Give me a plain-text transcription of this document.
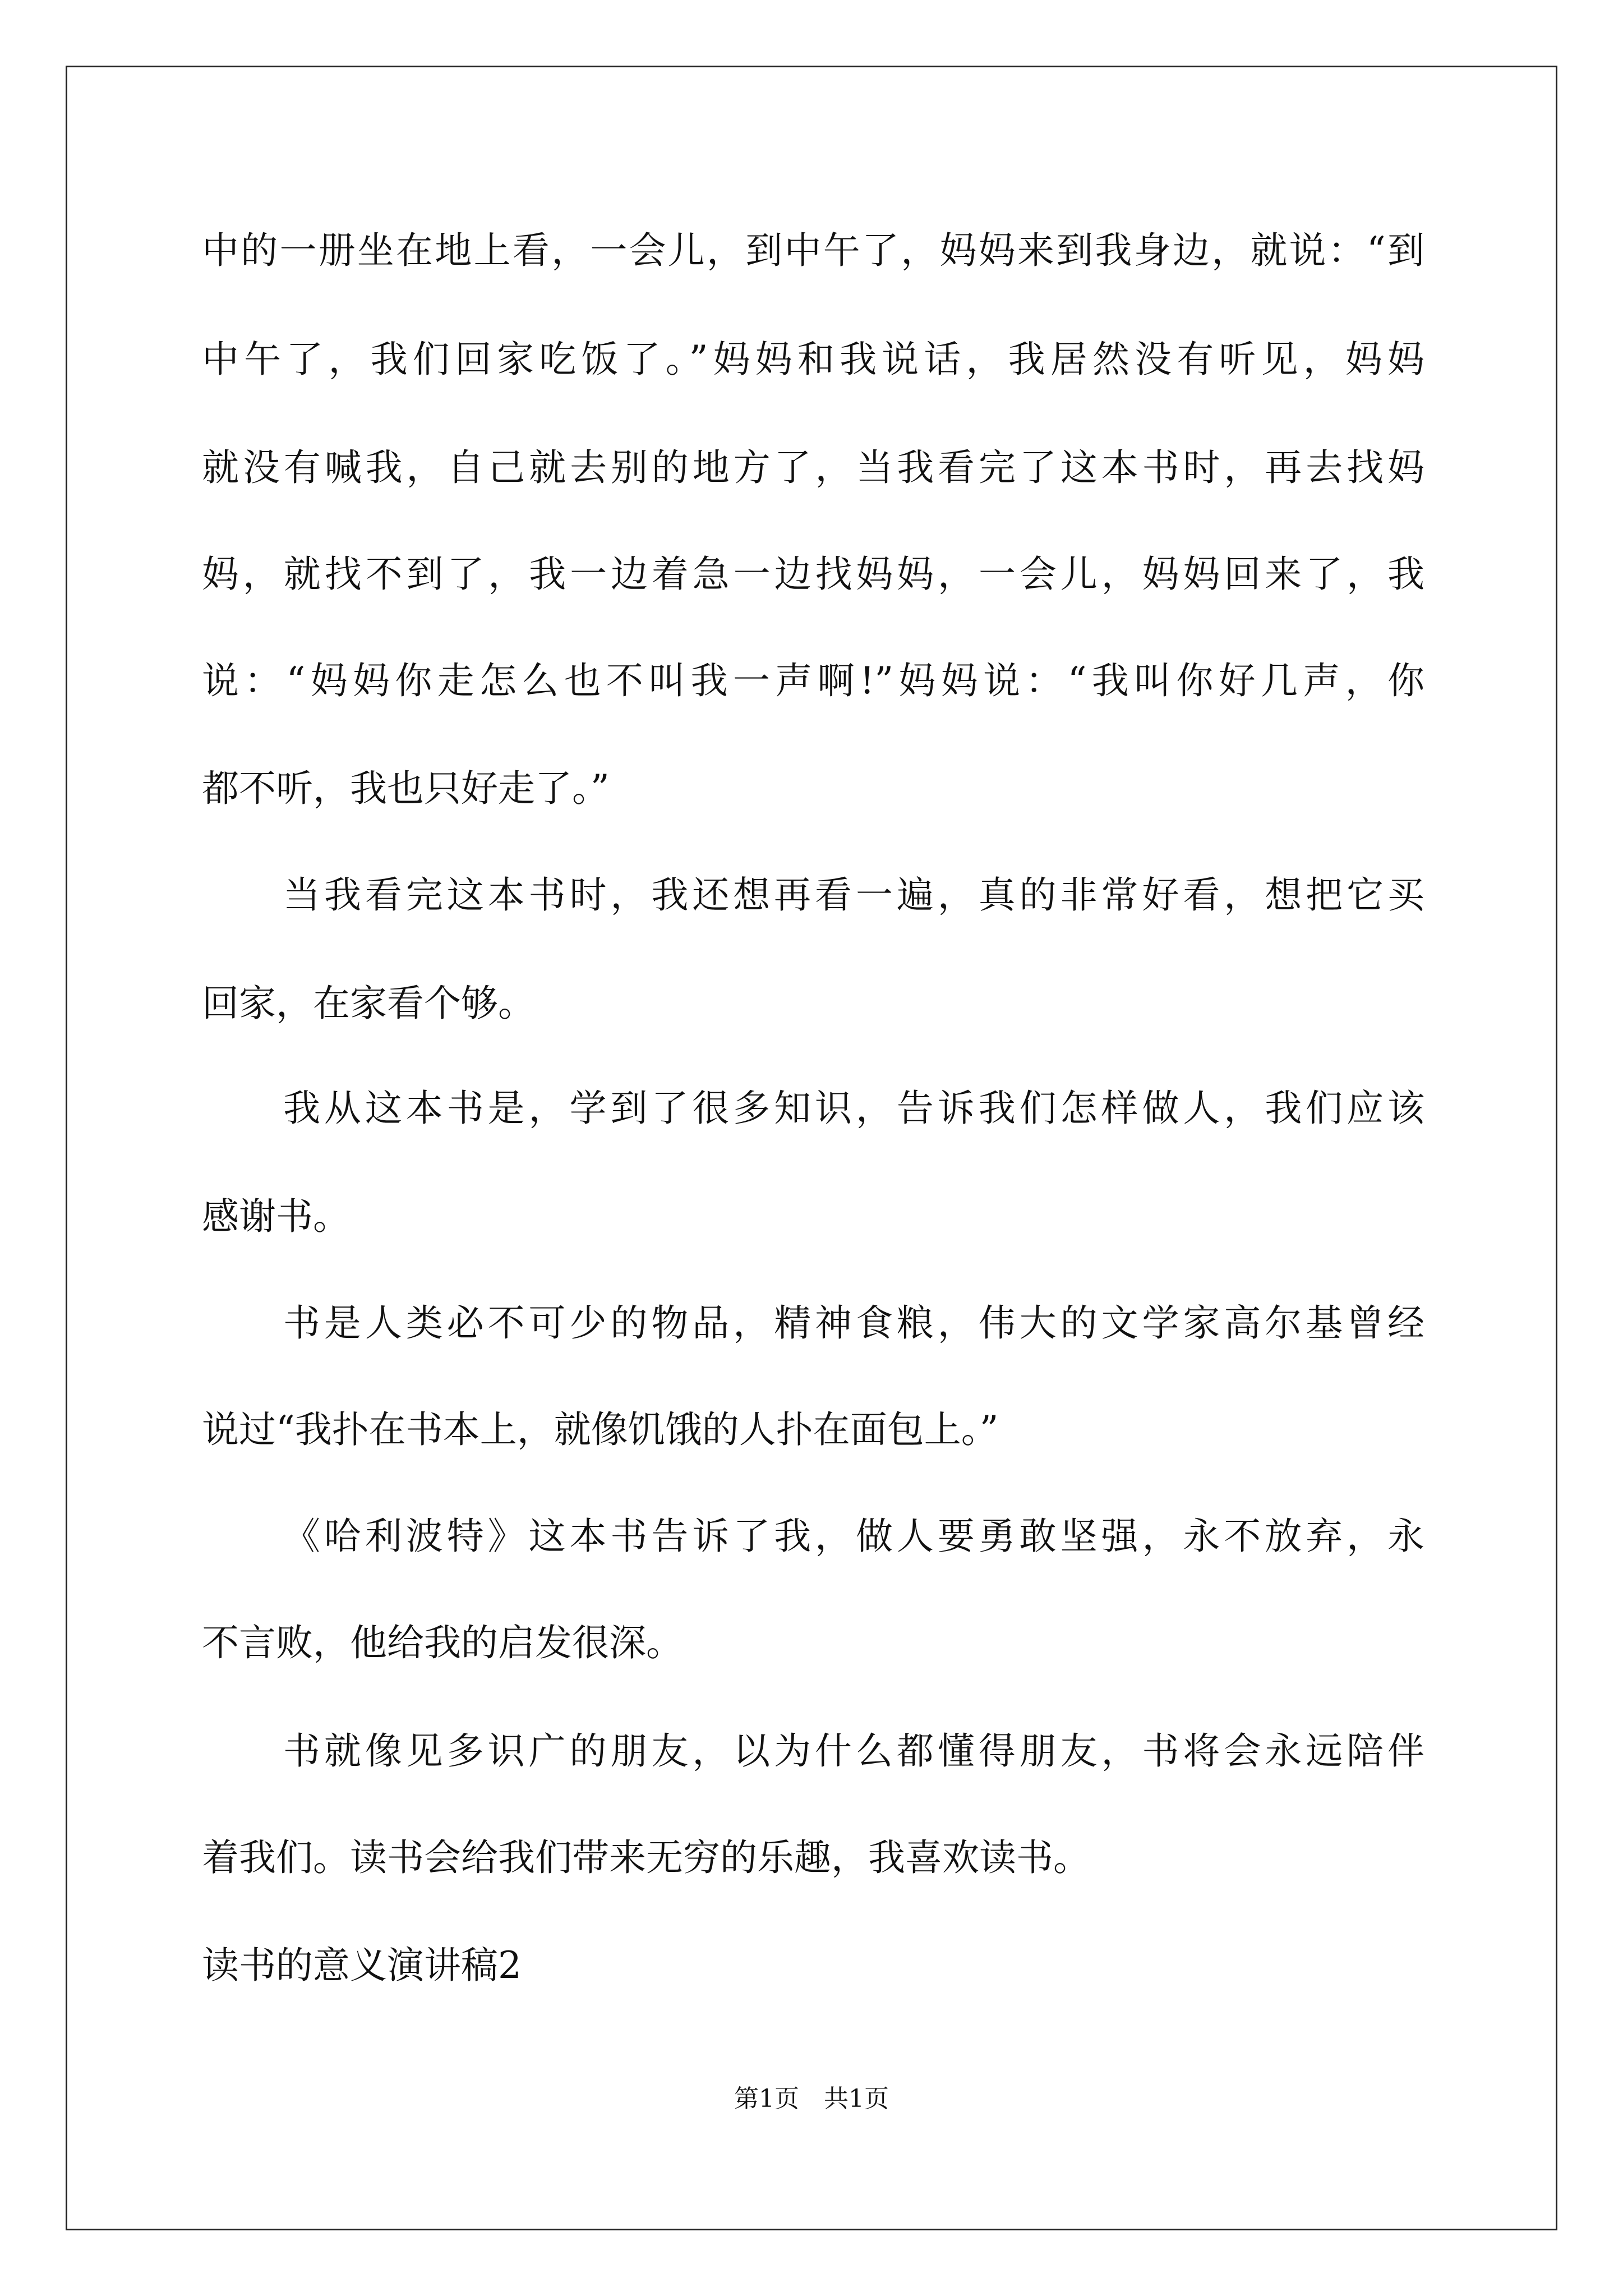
中的一册坐在地上看，一会儿，到中午了，妈妈来到我身边，就说：“到
中午了，我们回家吃饭了。”妈妈和我说话，我居然没有听见，妈妈
就没有喊我，自己就去别的地方了，当我看完了这本书时，再去找妈
妈，就找不到了，我一边着急一边找妈妈，一会儿，妈妈回来了，我
说：“妈妈你走怎么也不叫我一声啊!”妈妈说：“我叫你好几声，你
都不听，我也只好走了。”
当我看完这本书时，我还想再看一遍，真的非常好看，想把它买
回家，在家看个够。
我从这本书是，学到了很多知识，告诉我们怎样做人，我们应该
感谢书。
书是人类必不可少的物品，精神食粮，伟大的文学家高尔基曾经
说过“我扑在书本上，就像饥饿的人扑在面包上。”
《哈利波特》这本书告诉了我，做人要勇敢坚强，永不放弃，永
不言败，他给我的启发很深。
书就像见多识广的朋友，以为什么都懂得朋友，书将会永远陪伴
着我们。读书会给我们带来无穷的乐趣，我喜欢读书。
读书的意义演讲稿2
第1页　共1页
